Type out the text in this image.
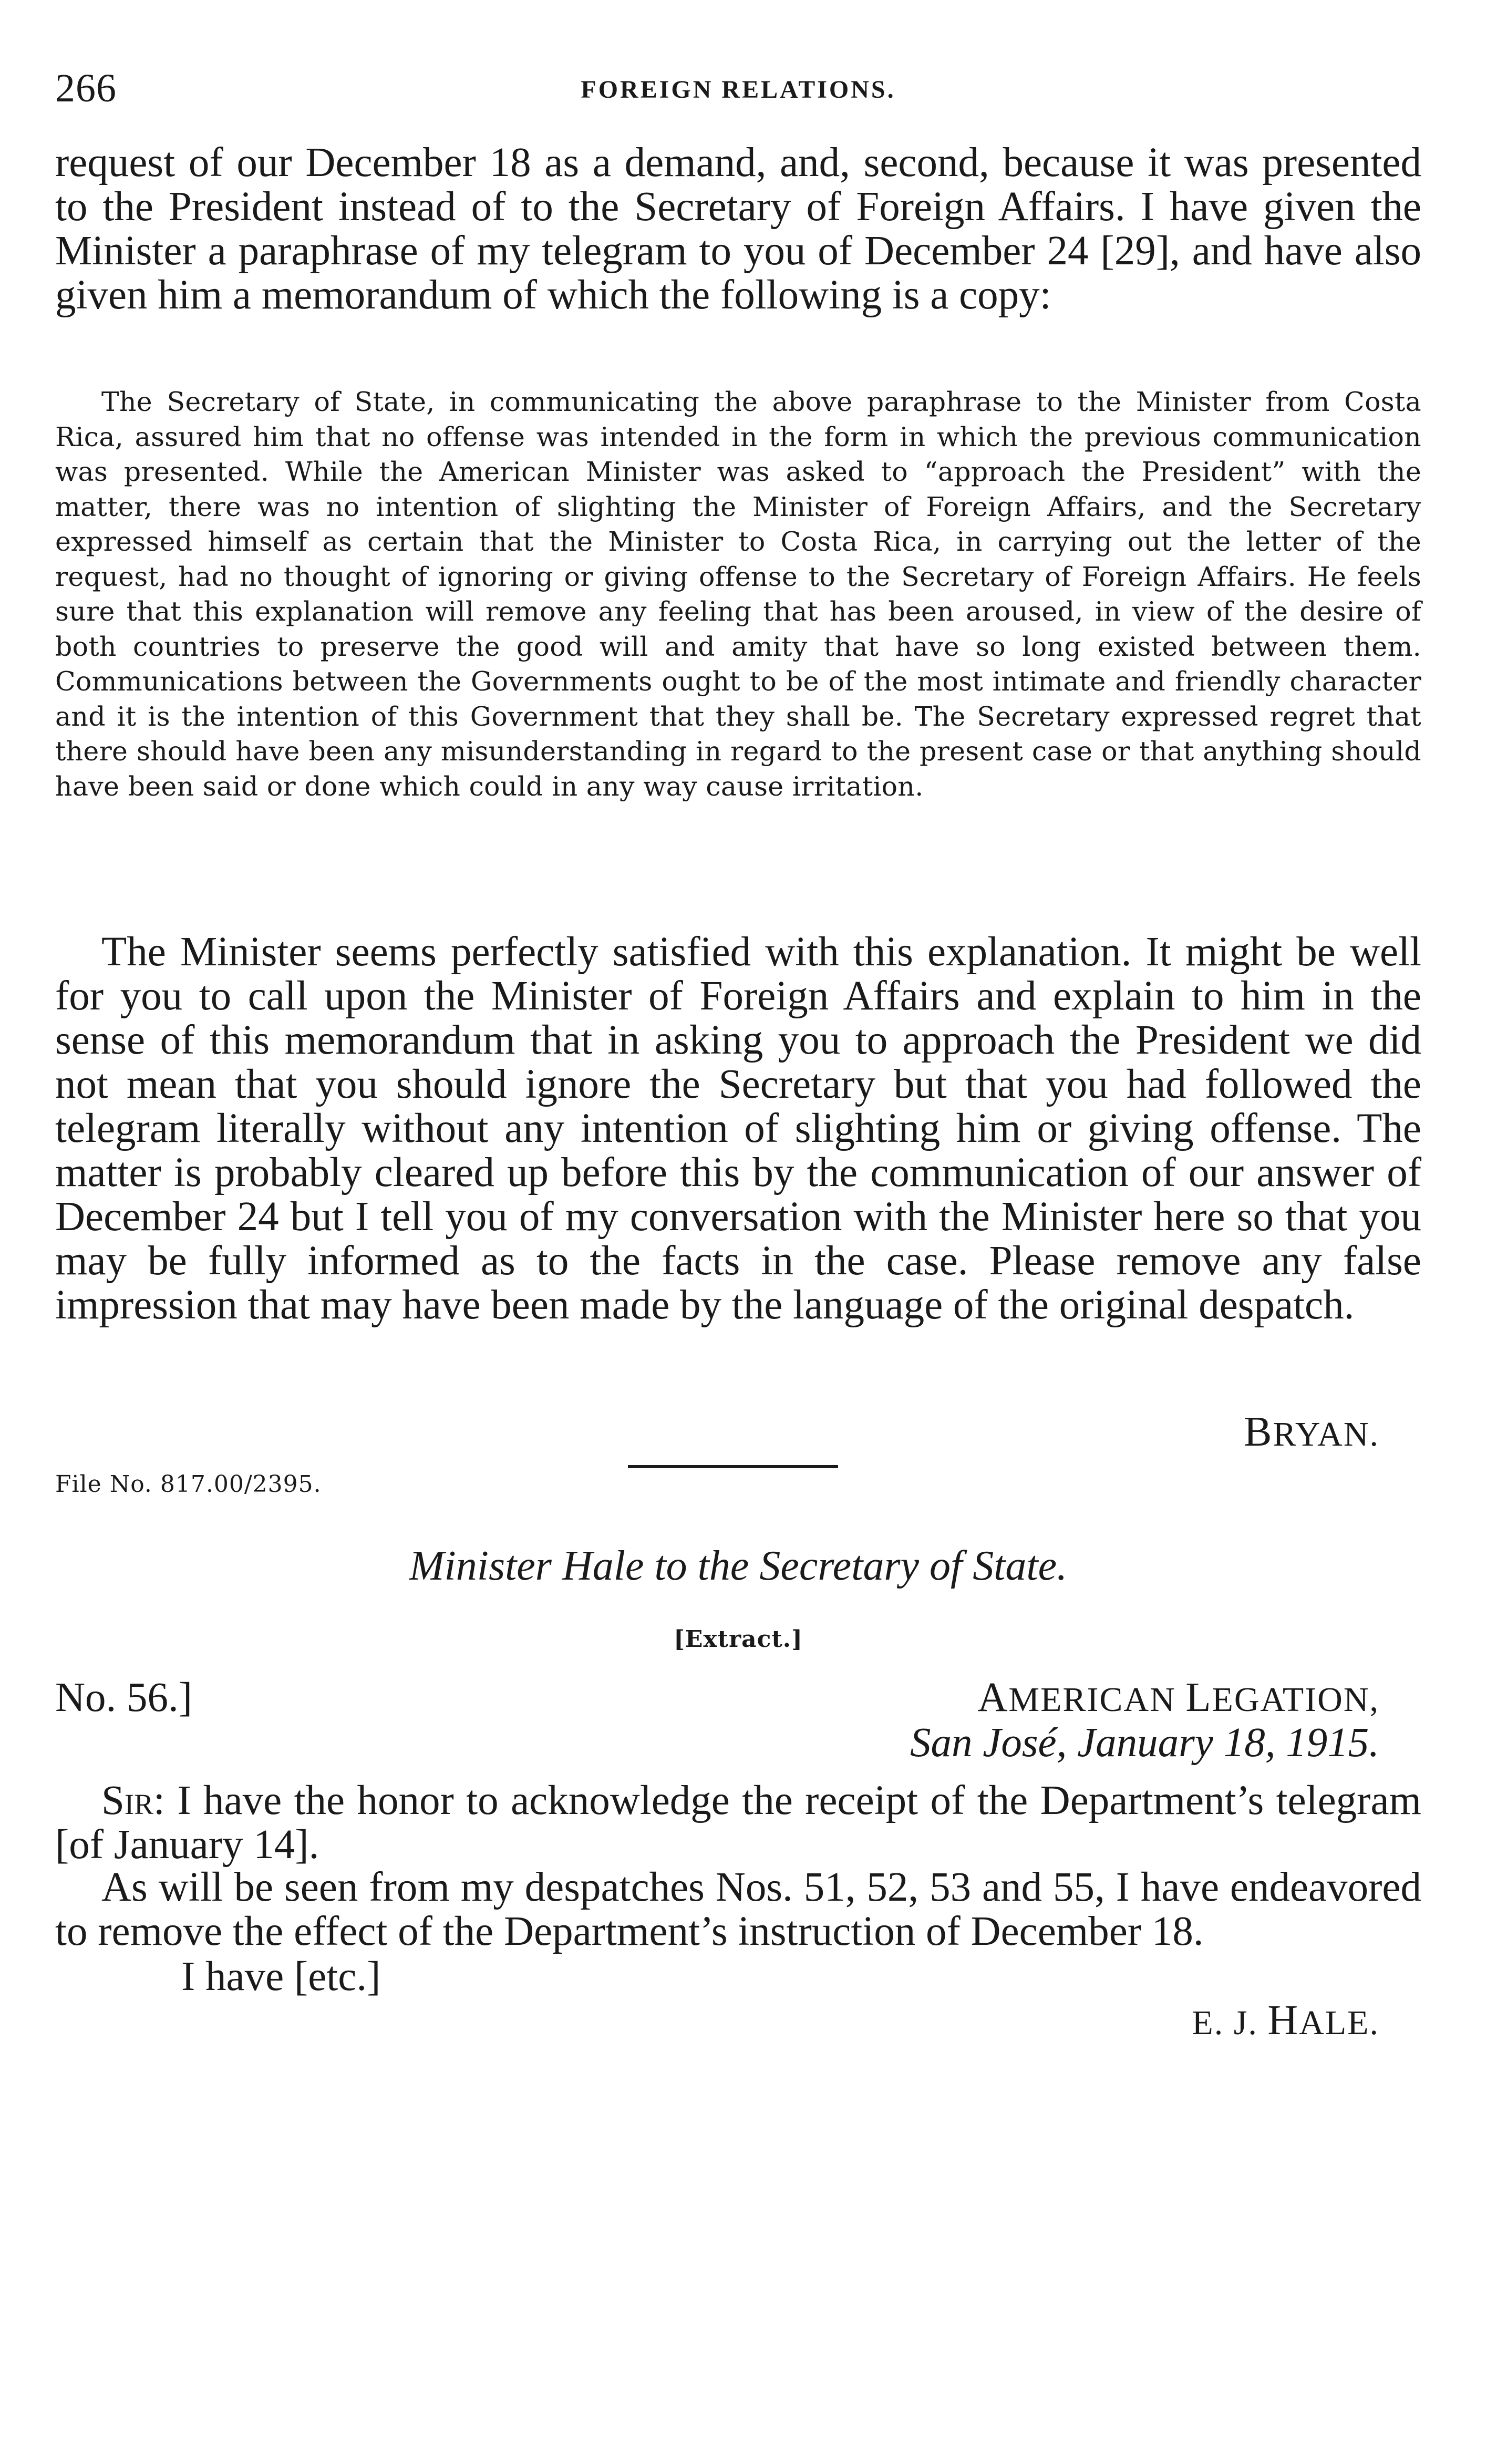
266	FOREIGN RELATIONS.

request of our December 18 as a demand, and, second, because it was presented to the President instead of to the Secretary of Foreign Affairs. I have given the Minister a paraphrase of my telegram to you of December 24 [29], and have also given him a memorandum of which the following is a copy:

The Secretary of State, in communicating the above paraphrase to the Minister from Costa Rica, assured him that no offense was intended in the form in which the previous communication was presented. While the American Minister was asked to “approach the President” with the matter, there was no intention of slighting the Minister of Foreign Affairs, and the Secretary expressed himself as certain that the Minister to Costa Rica, in carrying out the letter of the request, had no thought of ignoring or giving offense to the Secretary of Foreign Affairs. He feels sure that this explanation will remove any feeling that has been aroused, in view of the desire of both countries to preserve the good will and amity that have so long existed between them. Communications between the Governments ought to be of the most intimate and friendly character and it is the intention of this Government that they shall be. The Secretary expressed regret that there should have been any misunderstanding in regard to the present case or that anything should have been said or done which could in any way cause irritation.

The Minister seems perfectly satisfied with this explanation. It might be well for you to call upon the Minister of Foreign Affairs and explain to him in the sense of this memorandum that in asking you to approach the President we did not mean that you should ignore the Secretary but that you had followed the telegram literally without any intention of slighting him or giving offense. The matter is probably cleared up before this by the communication of our answer of December 24 but I tell you of my conversation with the Minister here so that you may be fully informed as to the facts in the case. Please remove any false impression that may have been made by the language of the original despatch.

BRYAN.
File No. 817.00/2395.
Minister Hale to the Secretary of State.
[Extract.]
No. 56.]	AMERICAN LEGATION,
San José, January 18, 1915.

Sir: I have the honor to acknowledge the receipt of the Department’s telegram [of January 14].

As will be seen from my despatches Nos. 51, 52, 53 and 55, I have endeavored to remove the effect of the Department’s instruction of December 18.

I have [etc.]
E. J. HALE.
